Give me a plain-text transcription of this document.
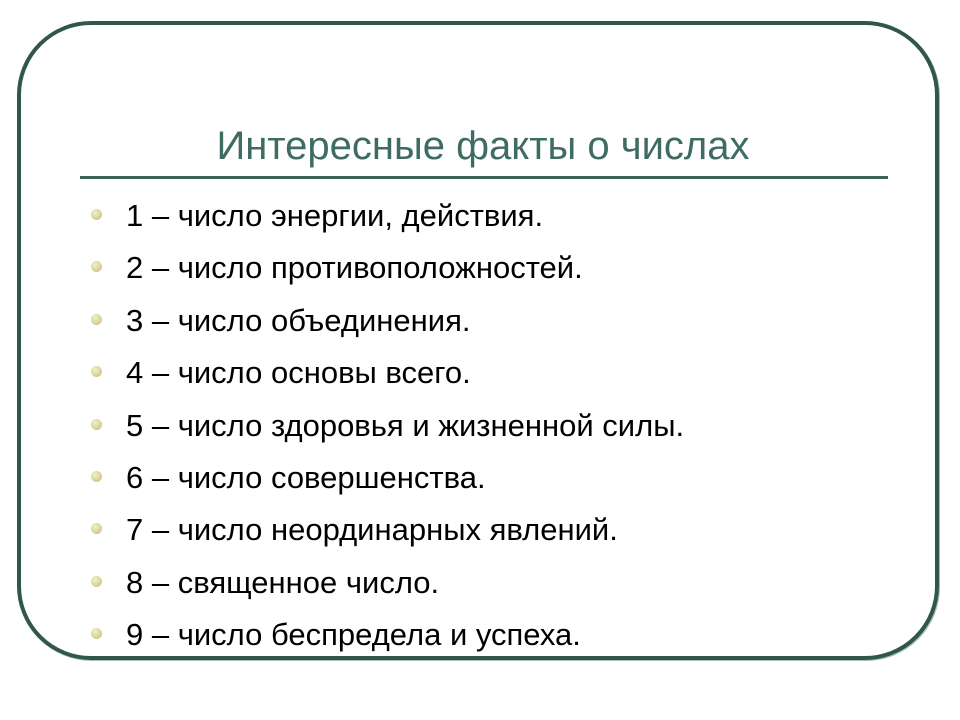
Интересные факты о числах
1 – число энергии, действия.
2 – число противоположностей.
3 – число объединения.
4 – число основы всего.
5 – число здоровья и жизненной силы.
6 – число совершенства.
7 – число неординарных явлений.
8 – священное число.
9 – число беспредела и успеха.
